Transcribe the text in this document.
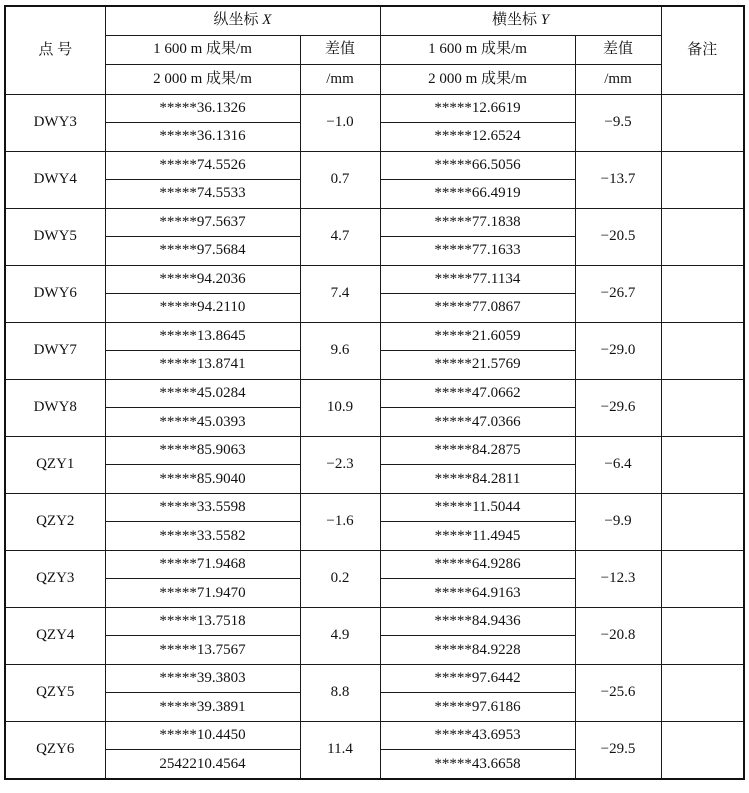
点 号	纵坐标 X		横坐标 Y		备注
	1 600 m 成果/m	差值	1 600 m 成果/m	差值	
	2 000 m 成果/m	/mm	2 000 m 成果/m	/mm	
DWY3	*****36.1326	−1.0	*****12.6619	−9.5	
	*****36.1316		*****12.6524		
DWY4	*****74.5526	0.7	*****66.5056	−13.7	
	*****74.5533		*****66.4919		
DWY5	*****97.5637	4.7	*****77.1838	−20.5	
	*****97.5684		*****77.1633		
DWY6	*****94.2036	7.4	*****77.1134	−26.7	
	*****94.2110		*****77.0867		
DWY7	*****13.8645	9.6	*****21.6059	−29.0	
	*****13.8741		*****21.5769		
DWY8	*****45.0284	10.9	*****47.0662	−29.6	
	*****45.0393		*****47.0366		
QZY1	*****85.9063	−2.3	*****84.2875	−6.4	
	*****85.9040		*****84.2811		
QZY2	*****33.5598	−1.6	*****11.5044	−9.9	
	*****33.5582		*****11.4945		
QZY3	*****71.9468	0.2	*****64.9286	−12.3	
	*****71.9470		*****64.9163		
QZY4	*****13.7518	4.9	*****84.9436	−20.8	
	*****13.7567		*****84.9228		
QZY5	*****39.3803	8.8	*****97.6442	−25.6	
	*****39.3891		*****97.6186		
QZY6	*****10.4450	11.4	*****43.6953	−29.5	
	2542210.4564		*****43.6658		
